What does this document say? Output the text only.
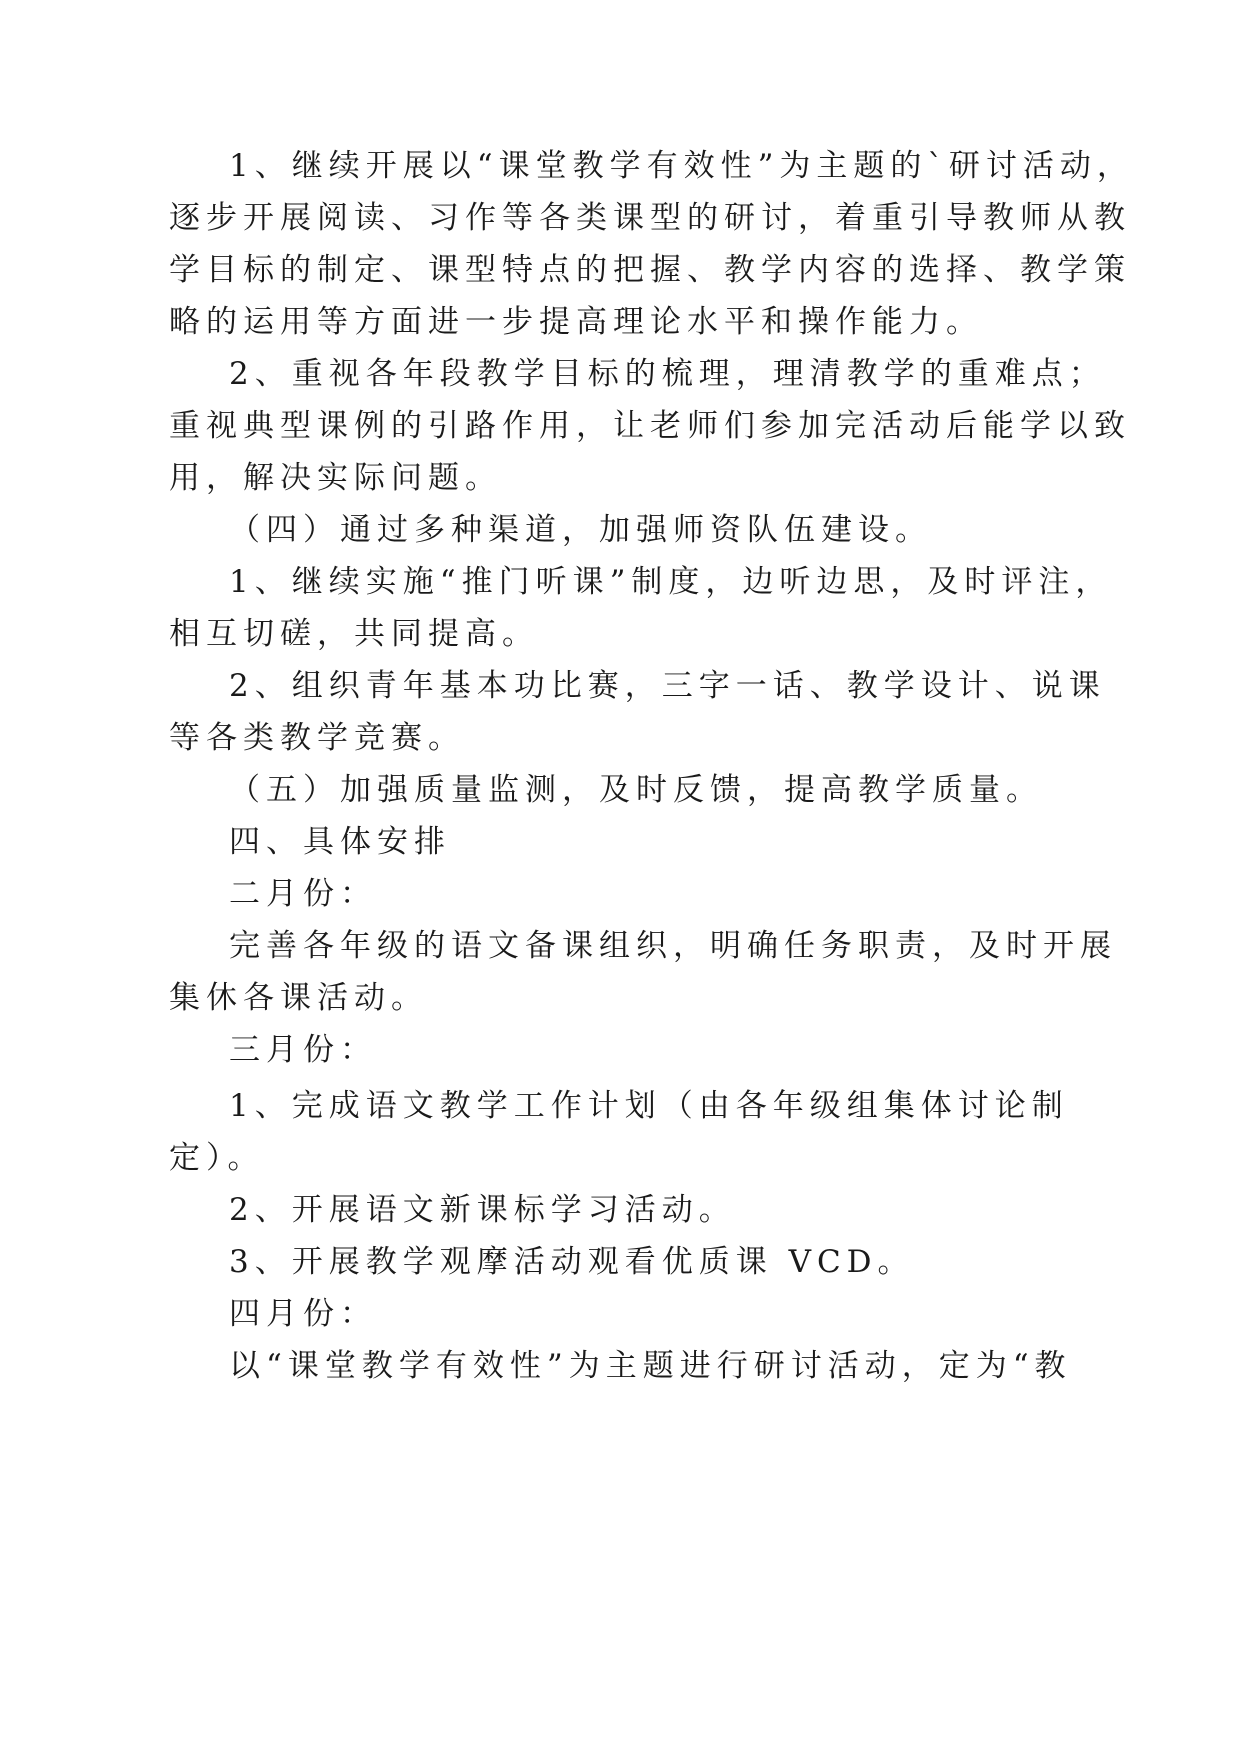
1、继续开展以“课堂教学有效性”为主题的`研讨活动，
逐步开展阅读、习作等各类课型的研讨，着重引导教师从教
学目标的制定、课型特点的把握、教学内容的选择、教学策
略的运用等方面进一步提高理论水平和操作能力。
2、重视各年段教学目标的梳理，理清教学的重难点；
重视典型课例的引路作用，让老师们参加完活动后能学以致
用，解决实际问题。
（四）通过多种渠道，加强师资队伍建设。
1、继续实施“推门听课”制度，边听边思，及时评注，
相互切磋，共同提高。
2、组织青年基本功比赛，三字一话、教学设计、说课
等各类教学竞赛。
（五）加强质量监测，及时反馈，提高教学质量。
四、具体安排
二月份：
完善各年级的语文备课组织，明确任务职责，及时开展
集休各课活动。
三月份：
1、完成语文教学工作计划（由各年级组集体讨论制
定）。
2、开展语文新课标学习活动。
3、开展教学观摩活动观看优质课 VCD。
四月份：
以“课堂教学有效性”为主题进行研讨活动，定为“教
